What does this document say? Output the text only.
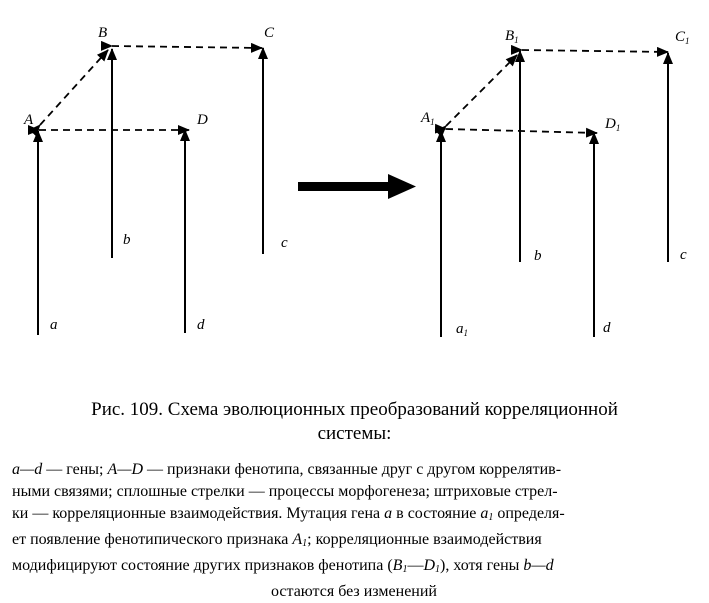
A
B	C
D
a
b	c
d
$A_1$
$B_1$	$C_1$
$D_1$
$a_1$
b	c
d
Рис. 109. Схема эволюционных преобразований корреляционной
системы:
a—d — гены; A—D — признаки фенотипа, связанные друг с другом коррелятив-
ными связями; сплошные стрелки — процессы морфогенеза; штриховые стрел-
ки — корреляционные взаимодействия. Мутация гена a в состояние $a_1$ определя-
ет появление фенотипического признака $A_1$; корреляционные взаимодействия
модифицируют состояние других признаков фенотипа $(B_1—D_1)$, хотя гены b—d
остаются без изменений
